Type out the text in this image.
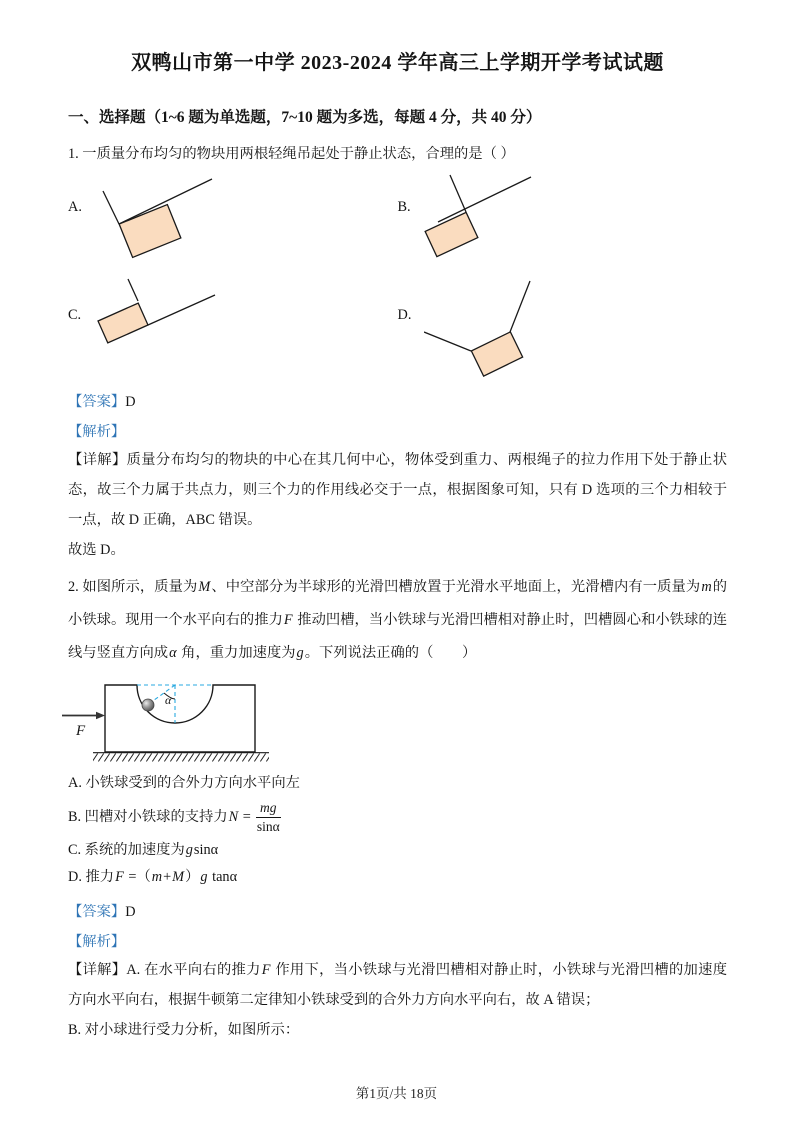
双鸭山市第一中学 2023-2024 学年高三上学期开学考试试题
一、选择题（1~6 题为单选题，7~10 题为多选，每题 4 分，共 40 分）
1. 一质量分布均匀的物块用两根轻绳吊起处于静止状态，合理的是（ ）
A.	B.
C.	D.
【答案】D
【解析】
【详解】质量分布均匀的物块的中心在其几何中心，物体受到重力、两根绳子的拉力作用下处于静止状态，故三个力属于共点力，则三个力的作用线必交于一点，根据图象可知，只有 D 选项的三个力相较于一点，故 D 正确，ABC 错误。
故选 D。
2. 如图所示，质量为M、中空部分为半球形的光滑凹槽放置于光滑水平地面上，光滑槽内有一质量为m的小铁球。现用一个水平向右的推力F 推动凹槽，当小铁球与光滑凹槽相对静止时，凹槽圆心和小铁球的连线与竖直方向成α 角，重力加速度为g。下列说法正确的（　　）
α
F
A. 小铁球受到的合外力方向水平向左
B. 凹槽对小铁球的支持力$N = \frac{mg}{\sin\alpha}$
C. 系统的加速度为gsinα
D. 推力F =（m+M）g tanα
【答案】D
【解析】
【详解】A. 在水平向右的推力F 作用下，当小铁球与光滑凹槽相对静止时，小铁球与光滑凹槽的加速度方向水平向右，根据牛顿第二定律知小铁球受到的合外力方向水平向右，故 A 错误；
B. 对小球进行受力分析，如图所示：
第1页/共 18页
